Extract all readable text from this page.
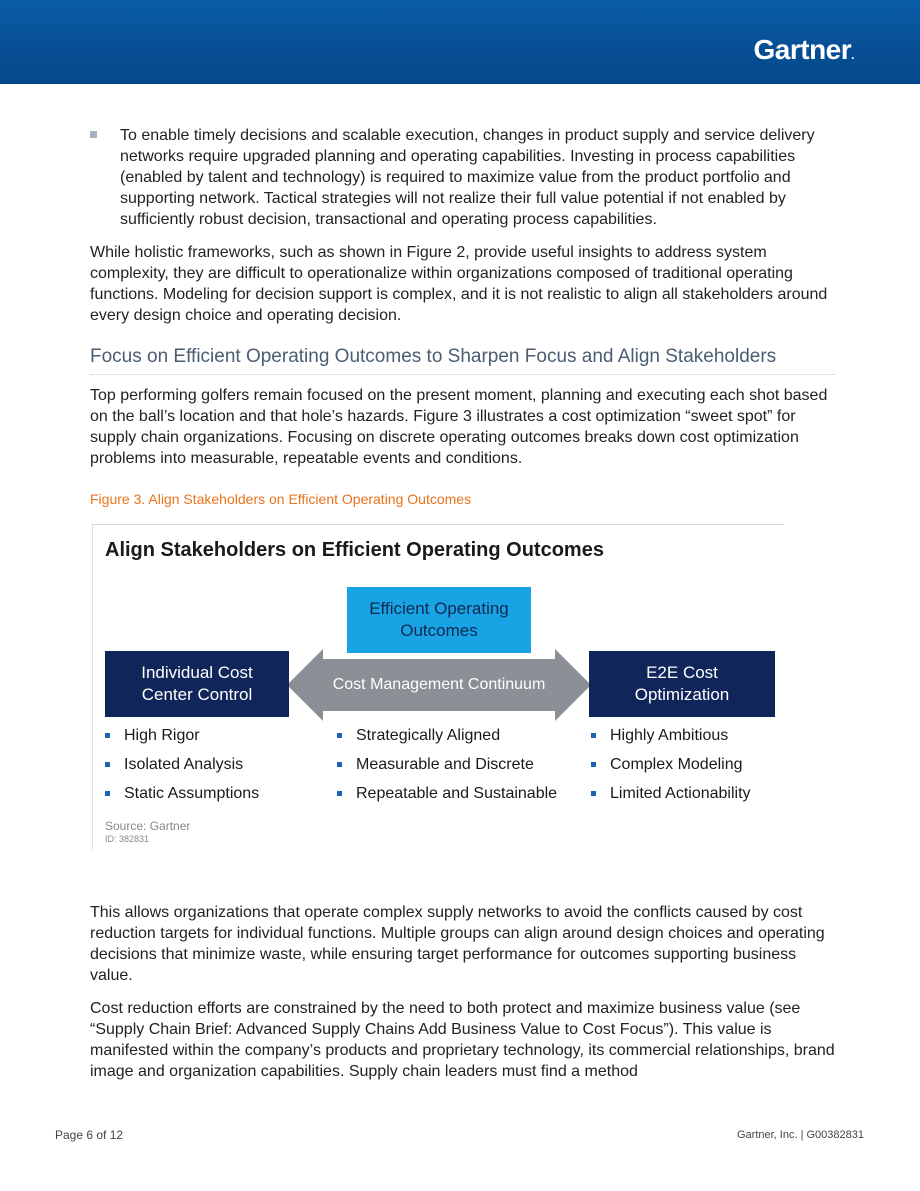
Gartner.
To enable timely decisions and scalable execution, changes in product supply and service delivery networks require upgraded planning and operating capabilities. Investing in process capabilities (enabled by talent and technology) is required to maximize value from the product portfolio and supporting network. Tactical strategies will not realize their full value potential if not enabled by sufficiently robust decision, transactional and operating process capabilities.

While holistic frameworks, such as shown in Figure 2, provide useful insights to address system complexity, they are difficult to operationalize within organizations composed of traditional operating functions. Modeling for decision support is complex, and it is not realistic to align all stakeholders around every design choice and operating decision.

Focus on Efficient Operating Outcomes to Sharpen Focus and Align Stakeholders

Top performing golfers remain focused on the present moment, planning and executing each shot based on the ball’s location and that hole’s hazards. Figure 3 illustrates a cost optimization “sweet spot” for supply chain organizations. Focusing on discrete operating outcomes breaks down cost optimization problems into measurable, repeatable events and conditions.

Figure 3. Align Stakeholders on Efficient Operating Outcomes

Align Stakeholders on Efficient Operating Outcomes
Efficient Operating Outcomes
Cost Management Continuum
Individual Cost Center Control
E2E Cost Optimization
High Rigor
Isolated Analysis
Static Assumptions
Strategically Aligned
Measurable and Discrete
Repeatable and Sustainable
Highly Ambitious
Complex Modeling
Limited Actionability
Source: Gartner
ID: 382831

This allows organizations that operate complex supply networks to avoid the conflicts caused by cost reduction targets for individual functions. Multiple groups can align around design choices and operating decisions that minimize waste, while ensuring target performance for outcomes supporting business value.

Cost reduction efforts are constrained by the need to both protect and maximize business value (see “Supply Chain Brief: Advanced Supply Chains Add Business Value to Cost Focus”). This value is manifested within the company’s products and proprietary technology, its commercial relationships, brand image and organization capabilities. Supply chain leaders must find a method

Page 6 of 12	Gartner, Inc. | G00382831
